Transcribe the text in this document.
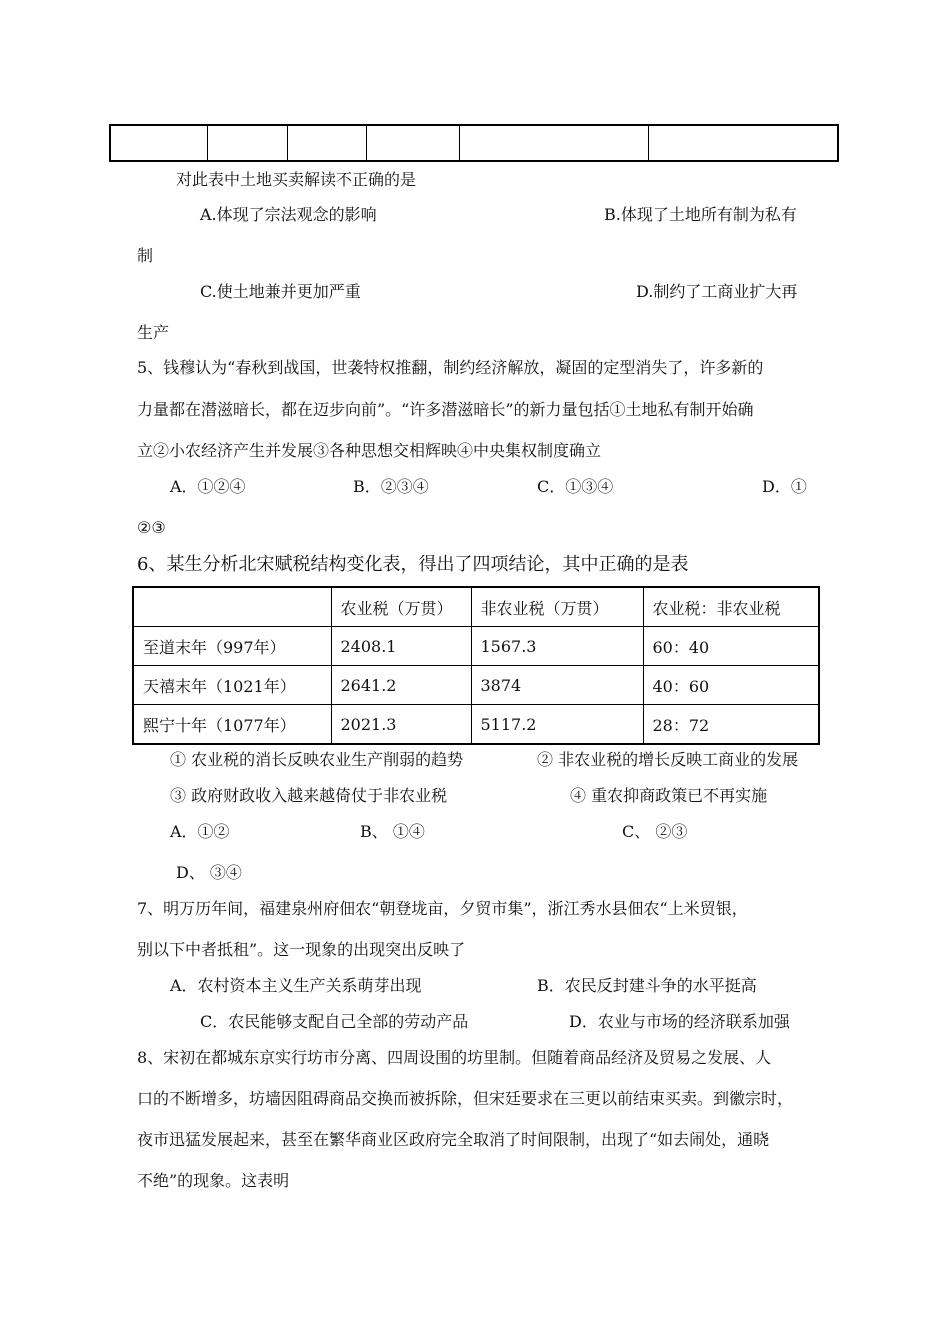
对此表中土地买卖解读不正确的是
A.体现了宗法观念的影响	B.体现了土地所有制为私有
制
C.使土地兼并更加严重	D.制约了工商业扩大再
生产
5、钱穆认为“春秋到战国，世袭特权推翻，制约经济解放，凝固的定型消失了，许多新的
力量都在潜滋暗长，都在迈步向前”。“许多潜滋暗长”的新力量包括①土地私有制开始确
立②小农经济产生并发展③各种思想交相辉映④中央集权制度确立
A．①②④	B．②③④	C．①③④	D．①
②③
6、某生分析北宋赋税结构变化表，得出了四项结论，其中正确的是表
	农业税（万贯）	非农业税（万贯）	农业税：非农业税
至道末年（997年）	2408.1	1567.3	60：40
天禧末年（1021年）	2641.2	3874	40：60
熙宁十年（1077年）	2021.3	5117.2	28：72
① 农业税的消长反映农业生产削弱的趋势	② 非农业税的增长反映工商业的发展
③ 政府财政收入越来越倚仗于非农业税	④ 重农抑商政策已不再实施
A．①②	B、 ①④	C、 ②③
D、 ③④
7、明万历年间，福建泉州府佃农“朝登垅亩，夕贸市集”，浙江秀水县佃农“上米贸银，
别以下中者抵租”。这一现象的出现突出反映了
A．农村资本主义生产关系萌芽出现	B．农民反封建斗争的水平挺高
C．农民能够支配自己全部的劳动产品	D．农业与市场的经济联系加强
8、宋初在都城东京实行坊市分离、四周设围的坊里制。但随着商品经济及贸易之发展、人
口的不断增多，坊墙因阻碍商品交换而被拆除，但宋廷要求在三更以前结束买卖。到徽宗时，
夜市迅猛发展起来，甚至在繁华商业区政府完全取消了时间限制，出现了“如去闹处，通晓
不绝”的现象。这表明
